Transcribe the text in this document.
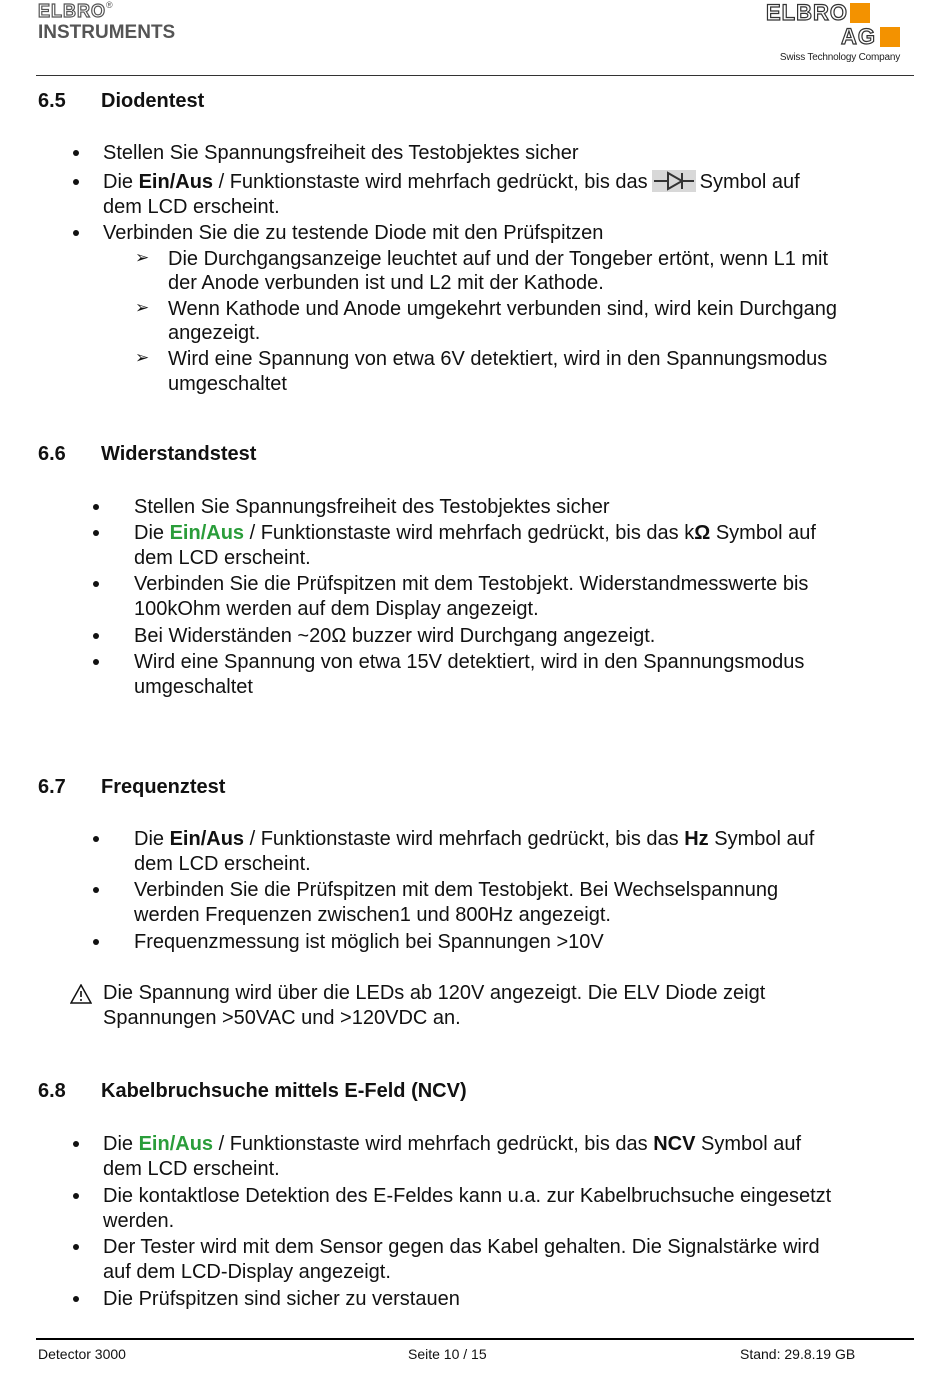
ELBRO®
INSTRUMENTS
ELBRO
AG
Swiss Technology Company
6.5 Diodentest
Stellen Sie Spannungsfreiheit des Testobjektes sicher
Die Ein/Aus / Funktionstaste wird mehrfach gedrückt, bis das	Symbol auf
dem LCD erscheint.
Verbinden Sie die zu testende Diode mit den Prüfspitzen
➢ Die Durchgangsanzeige leuchtet auf und der Tongeber ertönt, wenn L1 mit
der Anode verbunden ist und L2 mit der Kathode.
➢ Wenn Kathode und Anode umgekehrt verbunden sind, wird kein Durchgang
angezeigt.
➢ Wird eine Spannung von etwa 6V detektiert, wird in den Spannungsmodus
umgeschaltet
6.6 Widerstandstest
Stellen Sie Spannungsfreiheit des Testobjektes sicher
Die Ein/Aus / Funktionstaste wird mehrfach gedrückt, bis das kΩ Symbol auf
dem LCD erscheint.
Verbinden Sie die Prüfspitzen mit dem Testobjekt. Widerstandmesswerte bis
100kOhm werden auf dem Display angezeigt.
Bei Widerständen ~20Ω buzzer wird Durchgang angezeigt.
Wird eine Spannung von etwa 15V detektiert, wird in den Spannungsmodus
umgeschaltet
6.7 Frequenztest
Die Ein/Aus / Funktionstaste wird mehrfach gedrückt, bis das Hz Symbol auf
dem LCD erscheint.
Verbinden Sie die Prüfspitzen mit dem Testobjekt. Bei Wechselspannung
werden Frequenzen zwischen1 und 800Hz angezeigt.
Frequenzmessung ist möglich bei Spannungen >10V
Die Spannung wird über die LEDs ab 120V angezeigt. Die ELV Diode zeigt
Spannungen >50VAC und >120VDC an.
6.8 Kabelbruchsuche mittels E-Feld (NCV)
Die Ein/Aus / Funktionstaste wird mehrfach gedrückt, bis das NCV Symbol auf
dem LCD erscheint.
Die kontaktlose Detektion des E-Feldes kann u.a. zur Kabelbruchsuche eingesetzt
werden.
Der Tester wird mit dem Sensor gegen das Kabel gehalten. Die Signalstärke wird
auf dem LCD-Display angezeigt.
Die Prüfspitzen sind sicher zu verstauen
Detector 3000	Seite 10 / 15	Stand: 29.8.19 GB
